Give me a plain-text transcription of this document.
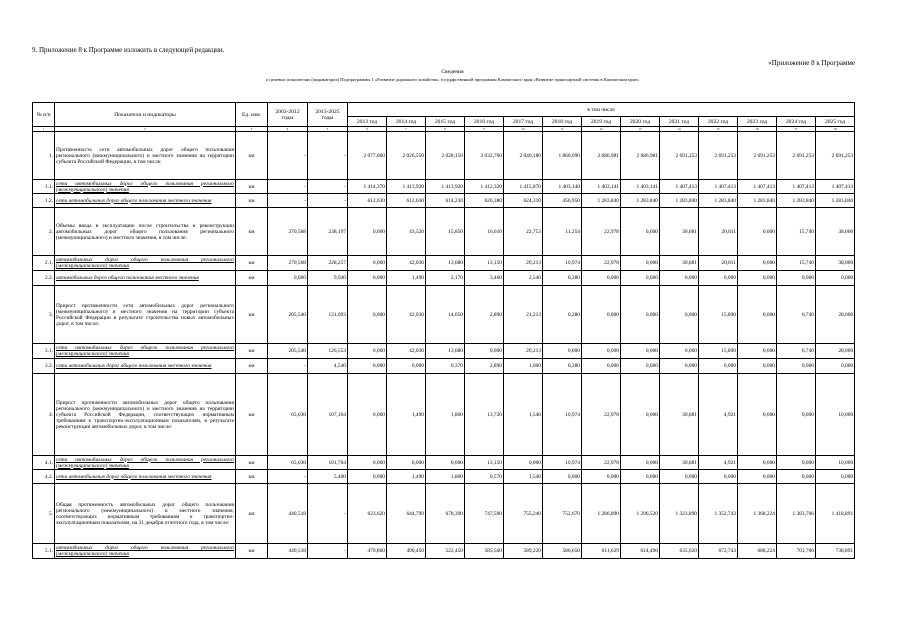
9. Приложение 8 к Программе изложить в следующей редакции.
«Приложение 8 к Программе
Сведения
о целевых показателях (индикаторах) Подпрограммы 1 «Развитие дорожного хозяйства» государственной программы Камчатского края «Развитие транспортной системы в Камчатском крае»
№ п/п	Показатели и индикаторы	Ед. изм.	2003-2012 годы	2013-2025 годы	в том числе												
					2013 год	2014 год	2015 год	2016 год	2017 год	2018 год	2019 год	2020 год	2021 год	2022 год	2023 год	2024 год	2025 год
1	2	3	4	5	6	7	8	9	10	11	12	13	14	15	16	17	18
1.	Протяженность сети автомобильных дорог общего пользования регионального (межмуниципального) и местного значения на территории субъекта Российской Федерации, в том числе:	км	-	-	2 077,000	2 026,550	2 028,150	2 032,700	2 040,180	1 860,090	2 686,981	2 686,981	2 691,253	2 691,253	2 691,253	2 691,253	2 691,253
1.1.	сети автомобильных дорог общего пользования регионального (межмуниципального) значения	км	-	-	1 414,370	1 413,920	1 413,920	1 412,320	1 415,870	1 403,140	1 403,141	1 403,141	1 407,413	1 407,413	1 407,413	1 407,413	1 407,413
1.2.	сети автомобильных дорог общего пользования местного значения	км	-	-	612,630	612,630	614,230	620,380	624,310	456,950	1 283,840	1 283,840	1 283,840	1 283,840	1 283,840	1 283,840	1 283,840
2.	Объемы ввода в эксплуатацию после строительства и реконструкции автомобильных дорог общего пользования регионального (межмуниципального) и местного значения, в том числе:	км	270,568	238,197	0,000	43,520	15,850	16,610	22,753	11,254	22,978	0,000	30,681	20,811	0,000	15,740	38,000
2.1.	автомобильных дорог общего пользования регионального (межмуниципального) значения	км	270,568	228,257	0,000	42,030	13,680	13,150	20,213	10,974	22,978	0,000	30,681	20,811	0,000	15,740	38,000
2.2.	автомобильных дорог общего пользования местного значения	км	0,000	9,940	0,000	1,490	2,170	3,460	2,540	0,280	0,000	0,000	0,000	0,000	0,000	0,000	0,000
3.	Прирост протяженности сети автомобильных дорог регионального (межмуниципального) и местного значения на территории субъекта Российской Федерации в результате строительства новых автомобильных дорог, в том числе:	км	205,540	131,093	0,000	42,030	14,050	2,890	21,213	0,280	0,000	0,000	0,000	15,890	0,000	6,740	28,000
3.1.	сети автомобильных дорог общего пользования регионального (межмуниципального) значения	км	205,540	126,553	0,000	42,030	13,680	0,000	20,213	0,000	0,000	0,000	0,000	15,890	0,000	6,740	28,000
3.2.	сети автомобильных дорог общего пользования местного значения	км	-	4,540	0,000	0,000	0,370	2,890	1,000	0,280	0,000	0,000	0,000	0,000	0,000	0,000	0,000
4.	Прирост протяженности автомобильных дорог общего пользования регионального (межмуниципального) и местного значения на территории субъекта Российской Федерации, соответствующих нормативным требованиям к транспортно-эксплуатационным показателям, в результате реконструкции автомобильных дорог, в том числе:	км	65,030	107,104	0,000	1,490	1,800	13,720	1,540	10,974	22,978	0,000	30,681	4,921	0,000	9,000	10,000
4.1.	сети автомобильных дорог общего пользования регионального (межмуниципального) значения	км	65,030	101,704	0,000	0,000	0,000	13,150	0,000	10,974	22,978	0,000	30,681	4,921	0,000	9,000	10,000
4.2.	сети автомобильных дорог общего пользования местного значения	км	-	5,400	0,000	1,490	1,800	0,570	1,540	0,000	0,000	0,000	0,000	0,000	0,000	0,000	0,000
5.	Общая протяженность автомобильных дорог общего пользования регионального (межмуниципального) и местного значения, соответствующих нормативным требованиям к транспортно-эксплуатационным показателям, на 31 декабря отчетного года, в том числе:	км	440,518	-	623,620	644,790	678,390	747,590	755,240	752,670	1 286,890	1 296,520	1 323,890	1 352,743	1 368,224	1 383,706	1 418,891
5.1.	автомобильных дорог общего пользования регионального (межмуниципального) значения	км	440,518	-	470,860	490,450	522,450	585,500	589,220	586,650	611,629	614,490	635,620	672,743	688,224	703,706	738,891
